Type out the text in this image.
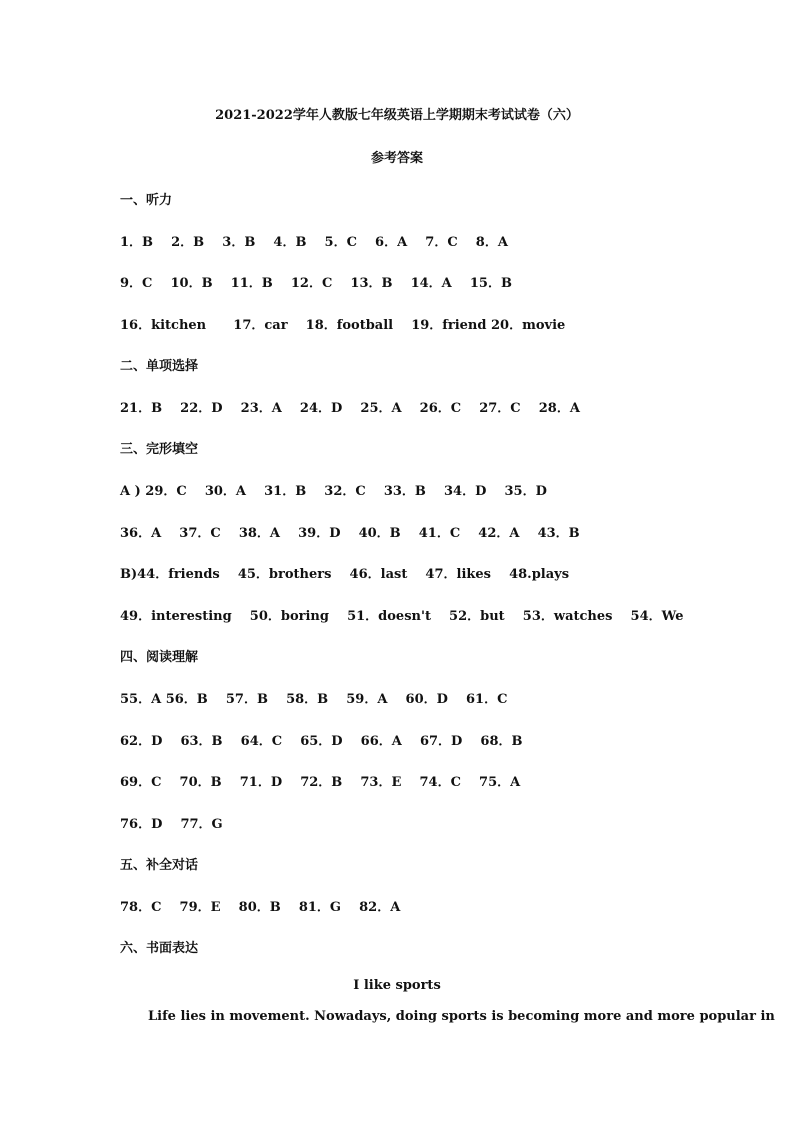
2021-2022学年人教版七年级英语上学期期末考试试卷（六）
参考答案
一、听力
1．B    2．B    3．B    4．B    5．C    6．A    7．C    8．A
9．C    10．B    11．B    12．C    13．B    14．A    15．B
16．kitchen      17．car    18．football    19．friend 20．movie
二、单项选择
21．B    22．D    23．A    24．D    25．A    26．C    27．C    28．A
三、完形填空
A ) 29．C    30．A    31．B    32．C    33．B    34．D    35．D
36．A    37．C    38．A    39．D    40．B    41．C    42．A    43．B
B)44．friends    45．brothers    46．last    47．likes    48.plays
49．interesting    50．boring    51．doesn't    52．but    53．watches    54．We
四、阅读理解
55．A 56．B    57．B    58．B    59．A    60．D    61．C
62．D    63．B    64．C    65．D    66．A    67．D    68．B
69．C    70．B    71．D    72．B    73．E    74．C    75．A
76．D    77．G
五、补全对话
78．C    79．E    80．B    81．G    82．A
六、书面表达
I like sports
Life lies in movement. Nowadays, doing sports is becoming more and more popular in
